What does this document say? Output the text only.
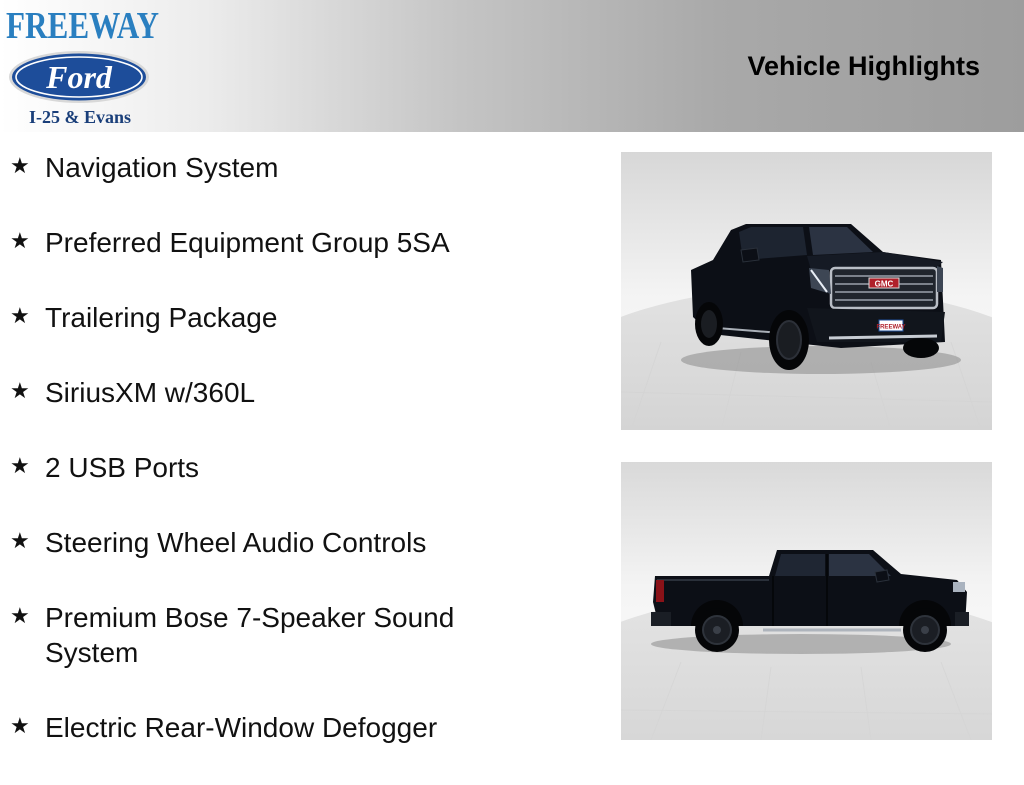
FREEWAY
Ford
I-25 & Evans
Vehicle Highlights
★ Navigation System
★ Preferred Equipment Group 5SA
★ Trailering Package
★ SiriusXM w/360L
★ 2 USB Ports
★ Steering Wheel Audio Controls
★ Premium Bose 7-Speaker Sound System
★ Electric Rear-Window Defogger
GMC
FREEWAY
